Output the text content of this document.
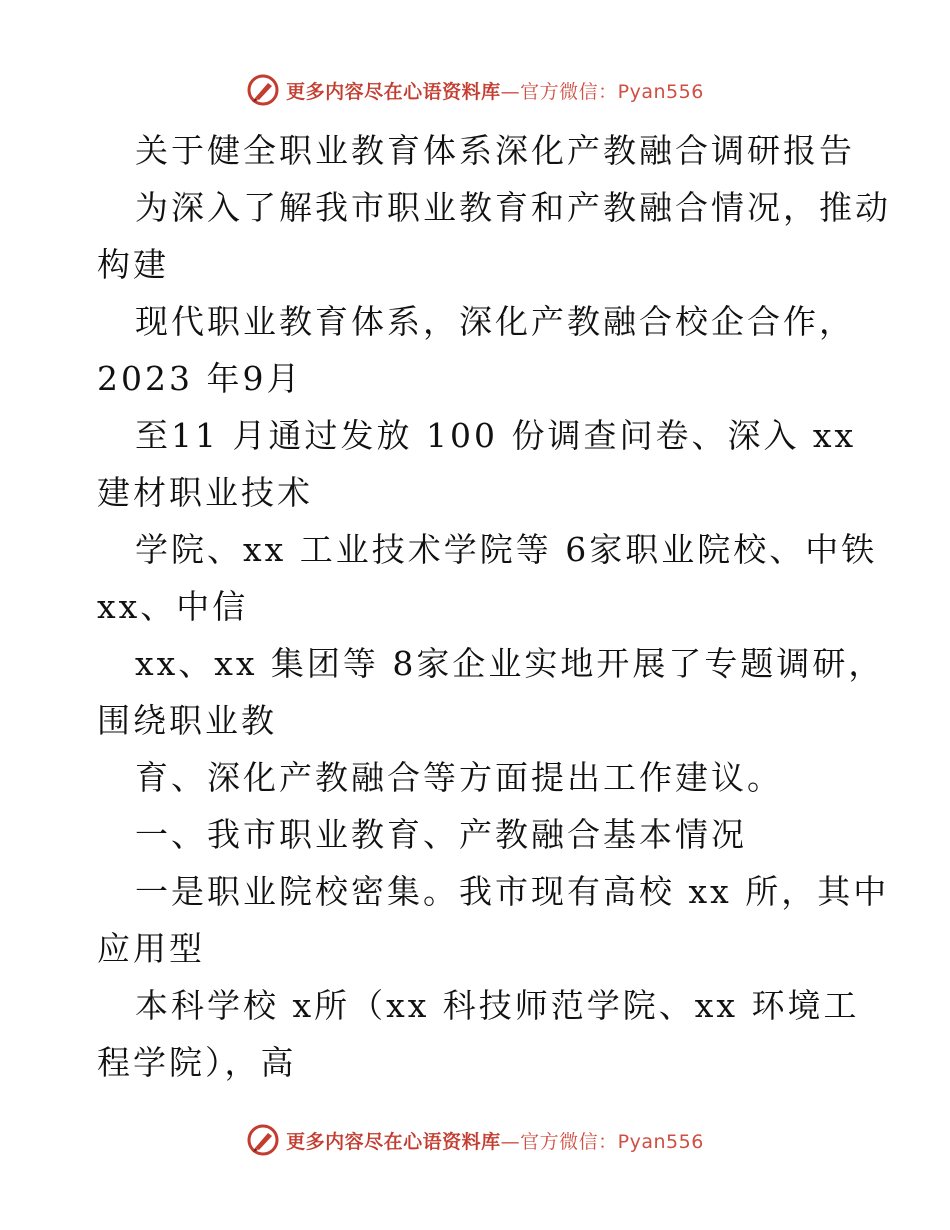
更多内容尽在心语资料库—官方微信：Pyan556
关于健全职业教育体系深化产教融合调研报告
为深入了解我市职业教育和产教融合情况，推动
构建
现代职业教育体系，深化产教融合校企合作，
2023 年9月
至11 月通过发放 100 份调查问卷、深入 xx
建材职业技术
学院、xx 工业技术学院等 6家职业院校、中铁
xx、中信
xx、xx 集团等 8家企业实地开展了专题调研，
围绕职业教
育、深化产教融合等方面提出工作建议。
一、我市职业教育、产教融合基本情况
一是职业院校密集。我市现有高校 xx 所，其中
应用型
本科学校 x所（xx 科技师范学院、xx 环境工
程学院），高
更多内容尽在心语资料库—官方微信：Pyan556
